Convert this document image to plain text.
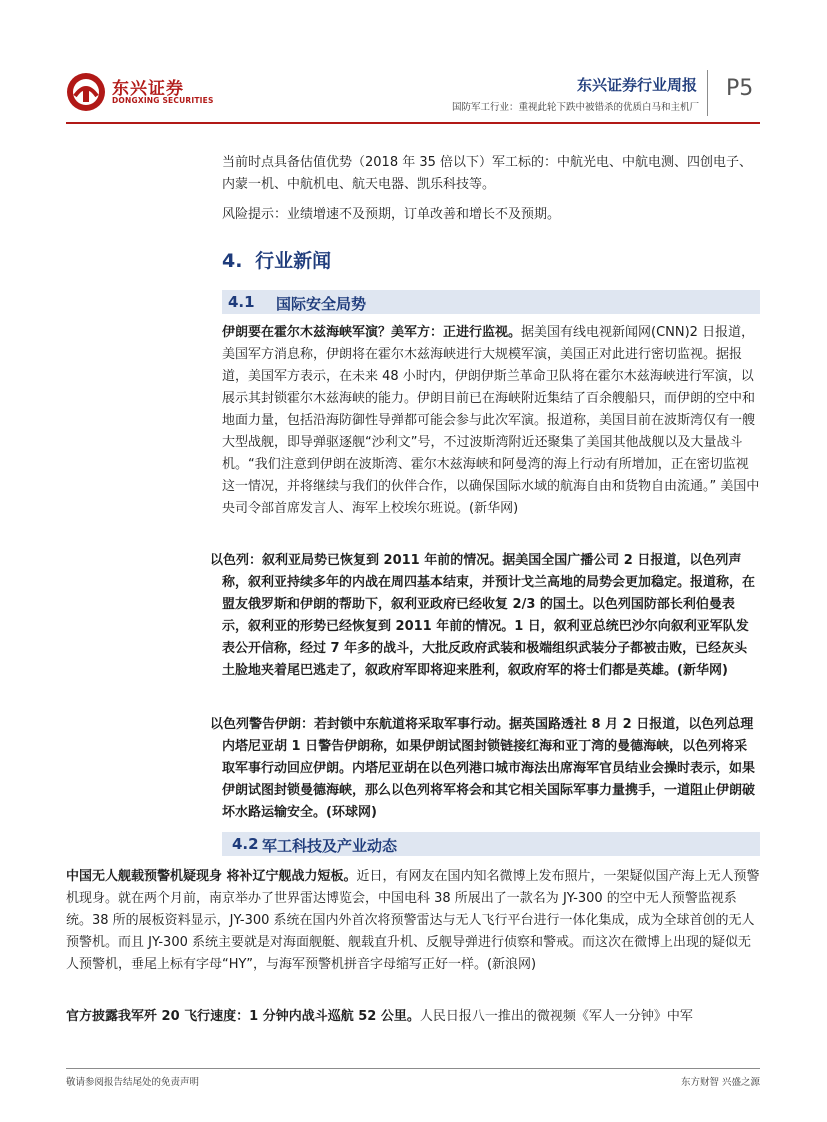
东兴证券
DONGXING SECURITIES
东兴证券行业周报
国防军工行业：重视此轮下跌中被错杀的优质白马和主机厂
P5

当前时点具备估值优势（2018 年 35 倍以下）军工标的：中航光电、中航电测、四创电子、内蒙一机、中航机电、航天电器、凯乐科技等。

风险提示：业绩增速不及预期，订单改善和增长不及预期。

4. 行业新闻
4.1 国际安全局势

伊朗要在霍尔木兹海峡军演？美军方：正进行监视。据美国有线电视新闻网(CNN)2 日报道，美国军方消息称，伊朗将在霍尔木兹海峡进行大规模军演，美国正对此进行密切监视。据报道，美国军方表示，在未来 48 小时内，伊朗伊斯兰革命卫队将在霍尔木兹海峡进行军演，以展示其封锁霍尔木兹海峡的能力。伊朗目前已在海峡附近集结了百余艘船只，而伊朗的空中和地面力量，包括沿海防御性导弹都可能会参与此次军演。报道称，美国目前在波斯湾仅有一艘大型战舰，即导弹驱逐舰“沙利文”号，不过波斯湾附近还聚集了美国其他战舰以及大量战斗机。“我们注意到伊朗在波斯湾、霍尔木兹海峡和阿曼湾的海上行动有所增加，正在密切监视这一情况，并将继续与我们的伙伴合作，以确保国际水域的航海自由和货物自由流通。” 美国中央司令部首席发言人、海军上校埃尔班说。(新华网)

以色列：叙利亚局势已恢复到 2011 年前的情况。据美国全国广播公司 2 日报道，以色列声称，叙利亚持续多年的内战在周四基本结束，并预计戈兰高地的局势会更加稳定。报道称，在盟友俄罗斯和伊朗的帮助下，叙利亚政府已经收复 2/3 的国土。以色列国防部长利伯曼表示，叙利亚的形势已经恢复到 2011 年前的情况。1 日，叙利亚总统巴沙尔向叙利亚军队发表公开信称，经过 7 年多的战斗，大批反政府武装和极端组织武装分子都被击败，已经灰头土脸地夹着尾巴逃走了，叙政府军即将迎来胜利，叙政府军的将士们都是英雄。(新华网)

以色列警告伊朗：若封锁中东航道将采取军事行动。据英国路透社 8 月 2 日报道，以色列总理内塔尼亚胡 1 日警告伊朗称，如果伊朗试图封锁链接红海和亚丁湾的曼德海峡，以色列将采取军事行动回应伊朗。内塔尼亚胡在以色列港口城市海法出席海军官员结业会操时表示，如果伊朗试图封锁曼德海峡，那么以色列将军将会和其它相关国际军事力量携手，一道阻止伊朗破坏水路运输安全。(环球网)

4.2 军工科技及产业动态

中国无人舰载预警机疑现身 将补辽宁舰战力短板。近日，有网友在国内知名微博上发布照片，一架疑似国产海上无人预警机现身。就在两个月前，南京举办了世界雷达博览会，中国电科 38 所展出了一款名为 JY-300 的空中无人预警监视系统。38 所的展板资料显示，JY-300 系统在国内外首次将预警雷达与无人飞行平台进行一体化集成，成为全球首创的无人预警机。而且 JY-300 系统主要就是对海面舰艇、舰载直升机、反舰导弹进行侦察和警戒。而这次在微博上出现的疑似无人预警机，垂尾上标有字母“HY”，与海军预警机拼音字母缩写正好一样。(新浪网)

官方披露我军歼 20 飞行速度：1 分钟内战斗巡航 52 公里。人民日报八一推出的微视频《军人一分钟》中军

敬请参阅报告结尾处的免责声明	东方财智 兴盛之源
